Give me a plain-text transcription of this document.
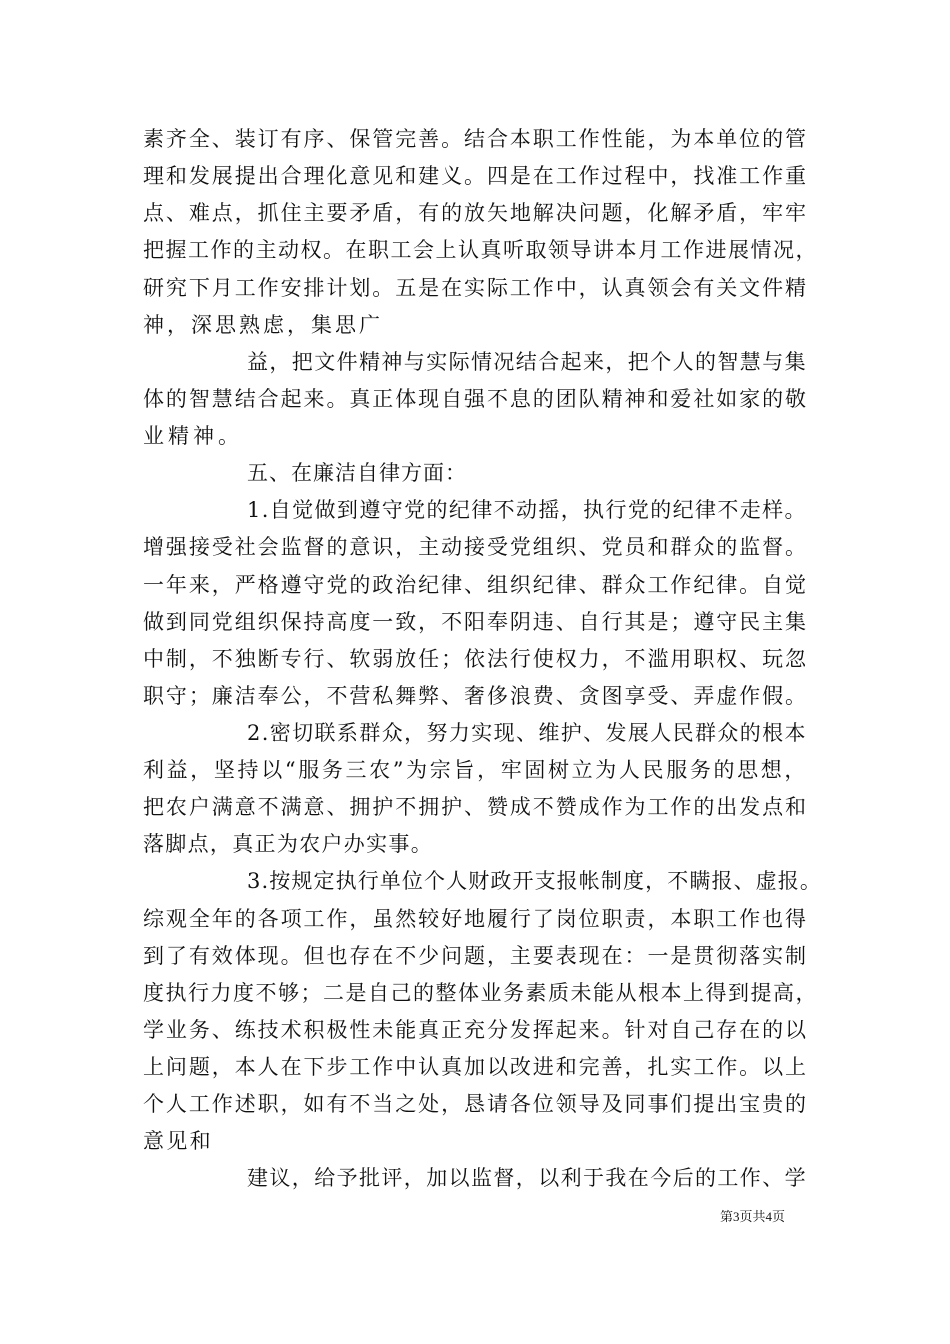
素齐全、装订有序、保管完善。结合本职工作性能，为本单位的管
理和发展提出合理化意见和建义。四是在工作过程中，找准工作重
点、难点，抓住主要矛盾，有的放矢地解决问题，化解矛盾，牢牢
把握工作的主动权。在职工会上认真听取领导讲本月工作进展情况，
研究下月工作安排计划。五是在实际工作中，认真领会有关文件精
神，深思熟虑，集思广
益，把文件精神与实际情况结合起来，把个人的智慧与集
体的智慧结合起来。真正体现自强不息的团队精神和爱社如家的敬
业精神。
五、在廉洁自律方面：
1.自觉做到遵守党的纪律不动摇，执行党的纪律不走样。
增强接受社会监督的意识，主动接受党组织、党员和群众的监督。
一年来，严格遵守党的政治纪律、组织纪律、群众工作纪律。自觉
做到同党组织保持高度一致，不阳奉阴违、自行其是；遵守民主集
中制，不独断专行、软弱放任；依法行使权力，不滥用职权、玩忽
职守；廉洁奉公，不营私舞弊、奢侈浪费、贪图享受、弄虚作假。
2.密切联系群众，努力实现、维护、发展人民群众的根本
利益，坚持以“服务三农”为宗旨，牢固树立为人民服务的思想，
把农户满意不满意、拥护不拥护、赞成不赞成作为工作的出发点和
落脚点，真正为农户办实事。
3.按规定执行单位个人财政开支报帐制度，不瞒报、虚报。
综观全年的各项工作，虽然较好地履行了岗位职责，本职工作也得
到了有效体现。但也存在不少问题，主要表现在：一是贯彻落实制
度执行力度不够；二是自己的整体业务素质未能从根本上得到提高，
学业务、练技术积极性未能真正充分发挥起来。针对自己存在的以
上问题，本人在下步工作中认真加以改进和完善，扎实工作。以上
个人工作述职，如有不当之处，恳请各位领导及同事们提出宝贵的
意见和
建议，给予批评，加以监督，以利于我在今后的工作、学
第3页共4页
